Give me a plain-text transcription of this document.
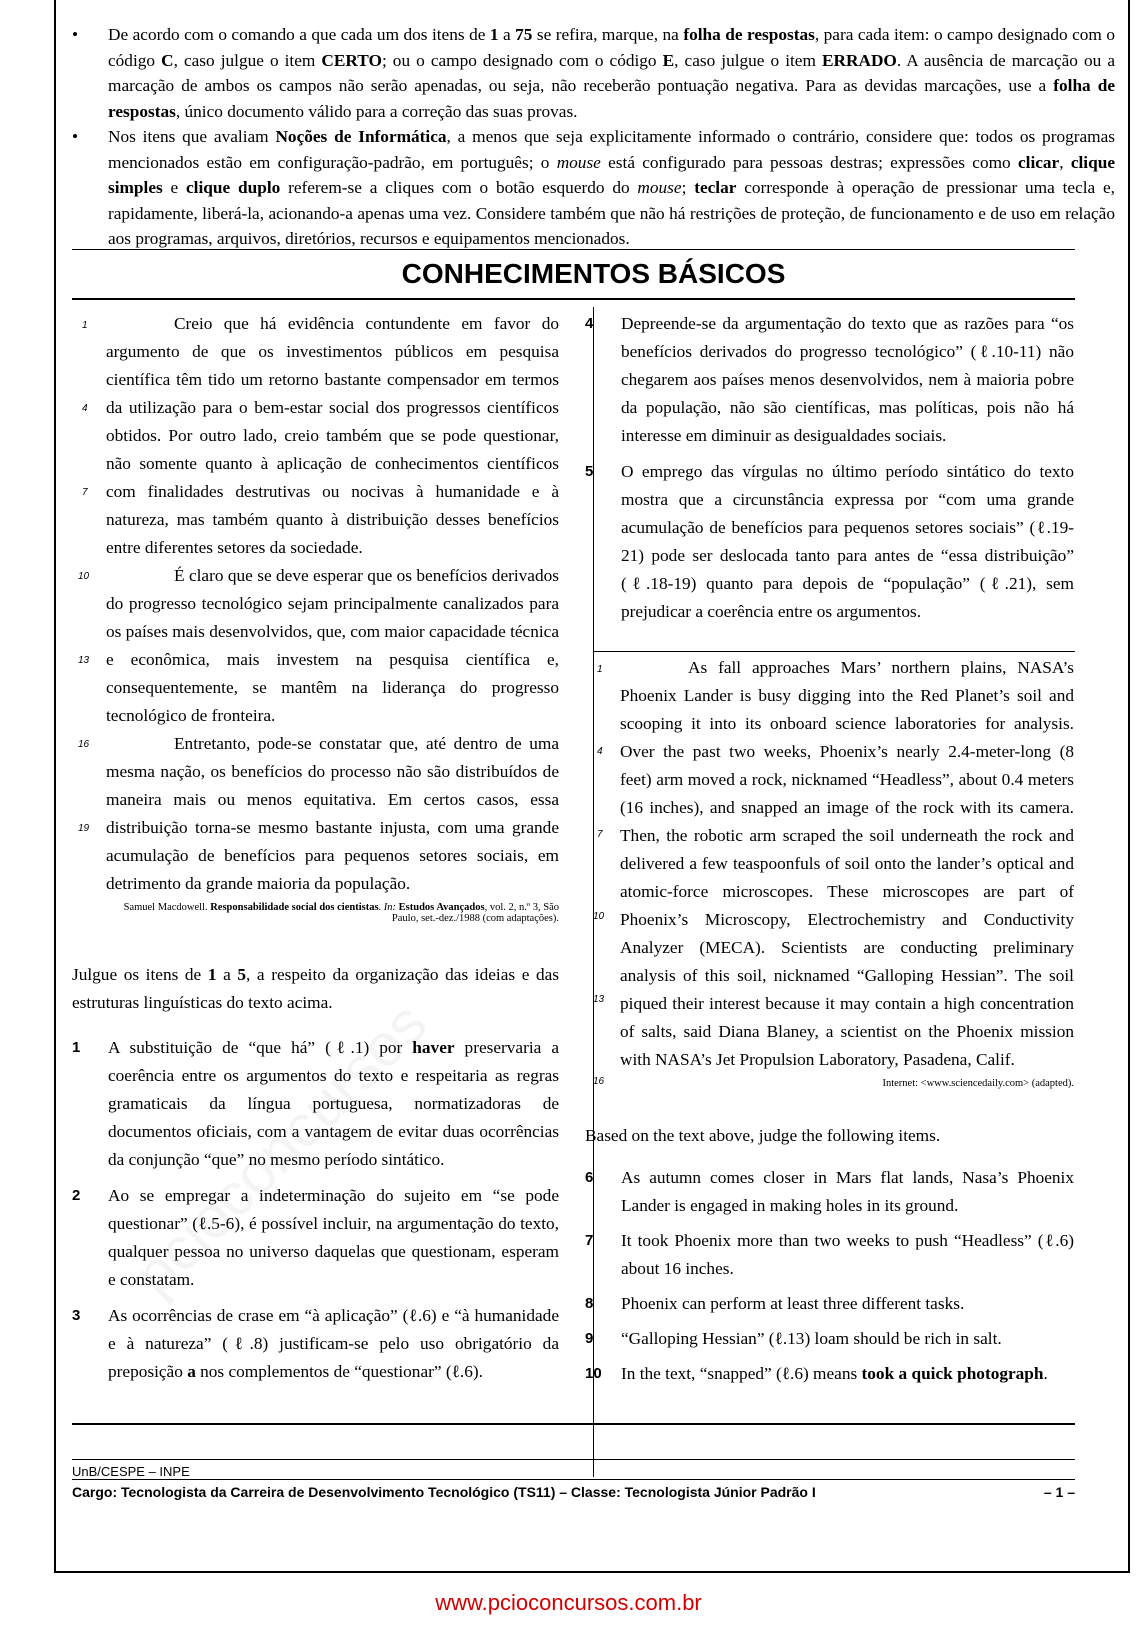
• De acordo com o comando a que cada um dos itens de 1 a 75 se refira, marque, na folha de respostas, para cada item: o campo designado com o código C, caso julgue o item CERTO; ou o campo designado com o código E, caso julgue o item ERRADO. A ausência de marcação ou a marcação de ambos os campos não serão apenadas, ou seja, não receberão pontuação negativa. Para as devidas marcações, use a folha de respostas, único documento válido para a correção das suas provas.
• Nos itens que avaliam Noções de Informática, a menos que seja explicitamente informado o contrário, considere que: todos os programas mencionados estão em configuração-padrão, em português; o mouse está configurado para pessoas destras; expressões como clicar, clique simples e clique duplo referem-se a cliques com o botão esquerdo do mouse; teclar corresponde à operação de pressionar uma tecla e, rapidamente, liberá-la, acionando-a apenas uma vez. Considere também que não há restrições de proteção, de funcionamento e de uso em relação aos programas, arquivos, diretórios, recursos e equipamentos mencionados.
CONHECIMENTOS BÁSICOS
Creio que há evidência contundente em favor do argumento de que os investimentos públicos em pesquisa científica têm tido um retorno bastante compensador em termos da utilização para o bem-estar social dos progressos científicos obtidos. Por outro lado, creio também que se pode questionar, não somente quanto à aplicação de conhecimentos científicos com finalidades destrutivas ou nocivas à humanidade e à natureza, mas também quanto à distribuição desses benefícios entre diferentes setores da sociedade.
É claro que se deve esperar que os benefícios derivados do progresso tecnológico sejam principalmente canalizados para os países mais desenvolvidos, que, com maior capacidade técnica e econômica, mais investem na pesquisa científica e, consequentemente, se mantêm na liderança do progresso tecnológico de fronteira.
Entretanto, pode-se constatar que, até dentro de uma mesma nação, os benefícios do processo não são distribuídos de maneira mais ou menos equitativa. Em certos casos, essa distribuição torna-se mesmo bastante injusta, com uma grande acumulação de benefícios para pequenos setores sociais, em detrimento da grande maioria da população.
Samuel Macdowell. Responsabilidade social dos cientistas. In: Estudos Avançados, vol. 2, n.º 3, São Paulo, set.-dez./1988 (com adaptações).
1
4
7
10
13
16
19
Julgue os itens de 1 a 5, a respeito da organização das ideias e das estruturas linguísticas do texto acima.
1 A substituição de “que há” (ℓ.1) por haver preservaria a coerência entre os argumentos do texto e respeitaria as regras gramaticais da língua portuguesa, normatizadoras de documentos oficiais, com a vantagem de evitar duas ocorrências da conjunção “que” no mesmo período sintático.
2 Ao se empregar a indeterminação do sujeito em “se pode questionar” (ℓ.5-6), é possível incluir, na argumentação do texto, qualquer pessoa no universo daquelas que questionam, esperam e constatam.
3 As ocorrências de crase em “à aplicação” (ℓ.6) e “à humanidade e à natureza” (ℓ.8) justificam-se pelo uso obrigatório da preposição a nos complementos de “questionar” (ℓ.6).
4 Depreende-se da argumentação do texto que as razões para “os benefícios derivados do progresso tecnológico” (ℓ.10-11) não chegarem aos países menos desenvolvidos, nem à maioria pobre da população, não são científicas, mas políticas, pois não há interesse em diminuir as desigualdades sociais.
5 O emprego das vírgulas no último período sintático do texto mostra que a circunstância expressa por “com uma grande acumulação de benefícios para pequenos setores sociais” (ℓ.19-21) pode ser deslocada tanto para antes de “essa distribuição” (ℓ.18-19) quanto para depois de “população” (ℓ.21), sem prejudicar a coerência entre os argumentos.
As fall approaches Mars’ northern plains, NASA’s Phoenix Lander is busy digging into the Red Planet’s soil and scooping it into its onboard science laboratories for analysis. Over the past two weeks, Phoenix’s nearly 2.4-meter-long (8 feet) arm moved a rock, nicknamed “Headless”, about 0.4 meters (16 inches), and snapped an image of the rock with its camera. Then, the robotic arm scraped the soil underneath the rock and delivered a few teaspoonfuls of soil onto the lander’s optical and atomic-force microscopes. These microscopes are part of Phoenix’s Microscopy, Electrochemistry and Conductivity Analyzer (MECA). Scientists are conducting preliminary analysis of this soil, nicknamed “Galloping Hessian”. The soil piqued their interest because it may contain a high concentration of salts, said Diana Blaney, a scientist on the Phoenix mission with NASA’s Jet Propulsion Laboratory, Pasadena, Calif.
Internet: <www.sciencedaily.com> (adapted).
1
4
7
10
13
16
Based on the text above, judge the following items.
6 As autumn comes closer in Mars flat lands, Nasa’s Phoenix Lander is engaged in making holes in its ground.
7 It took Phoenix more than two weeks to push “Headless” (ℓ.6) about 16 inches.
8 Phoenix can perform at least three different tasks.
9 “Galloping Hessian” (ℓ.13) loam should be rich in salt.
10 In the text, “snapped” (ℓ.6) means took a quick photograph.
UnB/CESPE – INPE
Cargo: Tecnologista da Carreira de Desenvolvimento Tecnológico (TS11) – Classe: Tecnologista Júnior Padrão I	– 1 –
www.pcioconcursos.com.br
